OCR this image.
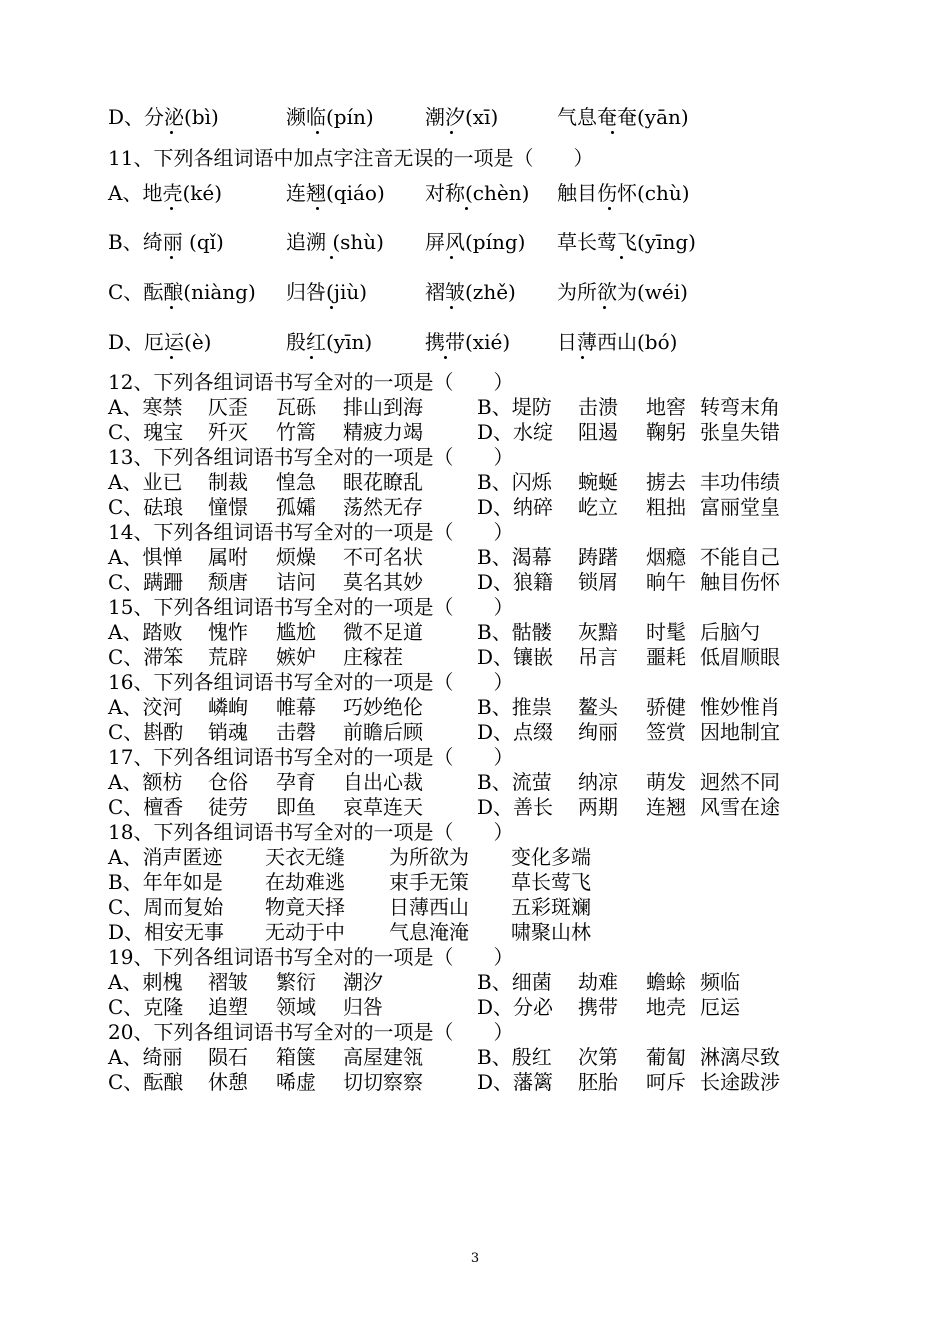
D、分泌(bì)	濒临(pín)	潮汐(xī)	气息奄奄(yān)
11、下列各组词语中加点字注音无误的一项是（　　）
A、地壳(ké)	连翘(qiáo) 对称(chèn) 触目伤怀(chù)
B、绮丽 (qǐ)	追溯 (shù) 屏风(píng) 草长莺飞(yīng)
C、酝酿(niàng) 归咎(jiù)	褶皱(zhě) 为所欲为(wéi)
D、厄运(è)	殷红(yīn)	携带(xié) 日薄西山(bó)
12、下列各组词语书写全对的一项是（　　）
A、寒禁 仄歪 瓦砾 排山到海	B、堤防 击溃 地窖 转弯末角
C、瑰宝 歼灭 竹篙 精疲力竭	D、水绽 阻遏 鞠躬 张皇失错
13、下列各组词语书写全对的一项是（　　）
A、业已 制裁 惶急 眼花瞭乱	B、闪烁 蜿蜒 掳去 丰功伟绩
C、砝琅 憧憬 孤孀 荡然无存	D、纳碎 屹立 粗拙 富丽堂皇
14、下列各组词语书写全对的一项是（　　）
A、惧惮 属咐 烦燥 不可名状	B、渴幕 踌躇 烟瘾 不能自己
C、蹒跚 颓唐 诘问 莫名其妙	D、狼籍 锁屑 晌午 触目伤怀
15、下列各组词语书写全对的一项是（　　）
A、踏败 愧怍 尴尬 微不足道	B、骷髅 灰黯 时髦 后脑勺
C、滞笨 荒辟 嫉妒 庄稼茬	D、镶嵌 吊言 噩耗 低眉顺眼
16、下列各组词语书写全对的一项是（　　）
A、洨河 嶙峋 帷幕 巧妙绝伦	B、推祟 鳌头 骄健 惟妙惟肖
C、斟酌 销魂 击磬 前瞻后顾	D、点缀 绚丽 签赏 因地制宜
17、下列各组词语书写全对的一项是（　　）
A、额枋 仓俗 孕育 自出心裁	B、流萤 纳凉 萌发 迥然不同
C、檀香 徒劳 即鱼 哀草连天	D、善长 两期 连翘 风雪在途
18、下列各组词语书写全对的一项是（　　）
A、消声匿迹 天衣无缝 为所欲为 变化多端
B、年年如是 在劫难逃 束手无策 草长莺飞
C、周而复始 物竟天择 日薄西山 五彩斑斓
D、相安无事 无动于中 气息淹淹 啸聚山林
19、下列各组词语书写全对的一项是（　　）
A、刺槐 褶皱 繁衍 潮汐	B、细菌 劫难 蟾蜍 频临
C、克隆 追塑 领域 归咎	D、分必 携带 地壳 厄运
20、下列各组词语书写全对的一项是（　　）
A、绮丽 陨石 箱箧 高屋建瓴	B、殷红 次第 葡匐 淋漓尽致
C、酝酿 休憩 唏虚 切切察察	D、藩篱 胚胎 呵斥 长途跋涉
3
